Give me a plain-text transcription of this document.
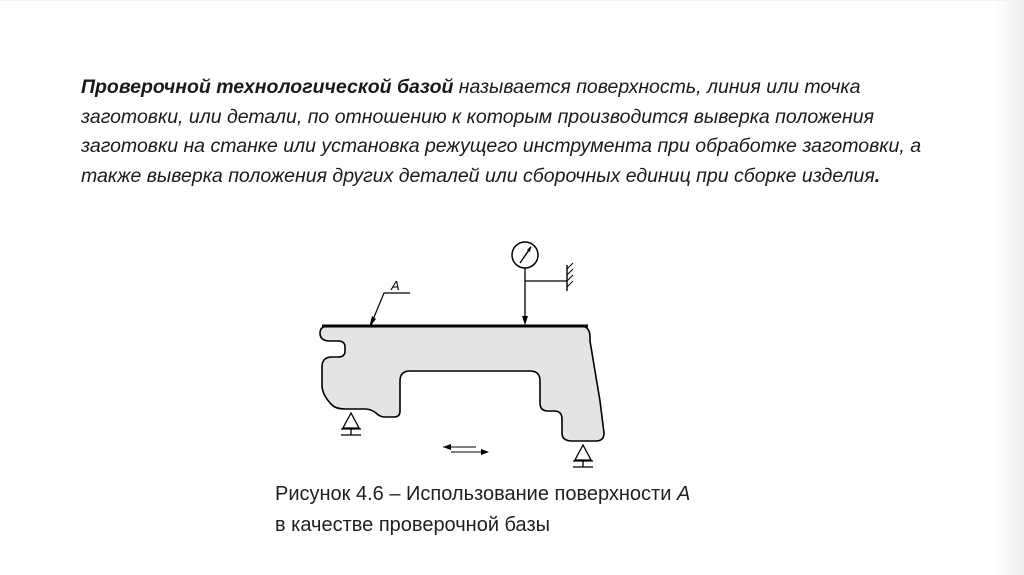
Проверочной технологической базой называется поверхность, линия или точка заготовки, или детали, по отношению к которым производится выверка положения заготовки на станке или установка режущего инструмента при обработке заготовки, а также выверка положения других деталей или сборочных единиц при сборке изделия.

А

Рисунок 4.6 – Использование поверхности А
в качестве проверочной базы
